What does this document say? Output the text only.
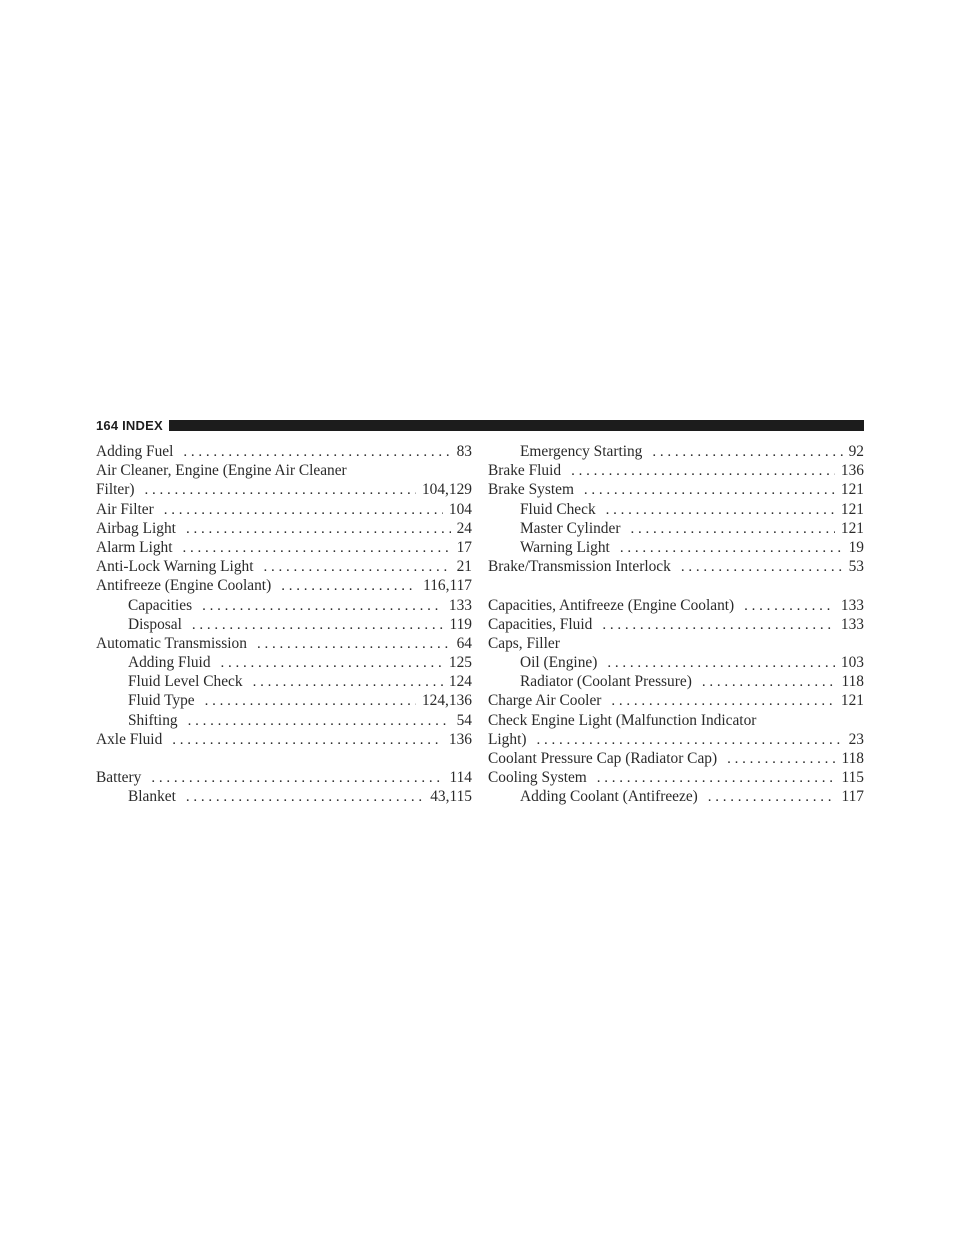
164
INDEX
Adding Fuel . . .	83
Air Cleaner, Engine (Engine Air Cleaner
Filter) . . .	104,129
Air Filter . . .	104
Airbag Light . . .	24
Alarm Light . . .	17
Anti-Lock Warning Light . . .	21
Antifreeze (Engine Coolant) . . .	116,117
Capacities . . .	133
Disposal . . .	119
Automatic Transmission . . .	64
Adding Fluid . . .	125
Fluid Level Check . . .	124
Fluid Type . . .	124,136
Shifting . . .	54
Axle Fluid . . .	136
Battery . . .	114
Blanket . . .	43,115
Emergency Starting . . .	92
Brake Fluid . . .	136
Brake System . . .	121
Fluid Check . . .	121
Master Cylinder . . .	121
Warning Light . . .	19
Brake/Transmission Interlock . . .	53
Capacities, Antifreeze (Engine Coolant) . . .	133
Capacities, Fluid . . .	133
Caps, Filler
Oil (Engine) . . .	103
Radiator (Coolant Pressure) . . .	118
Charge Air Cooler . . .	121
Check Engine Light (Malfunction Indicator
Light) . . .	23
Coolant Pressure Cap (Radiator Cap) . . .	118
Cooling System . . .	115
Adding Coolant (Antifreeze) . . .	117
